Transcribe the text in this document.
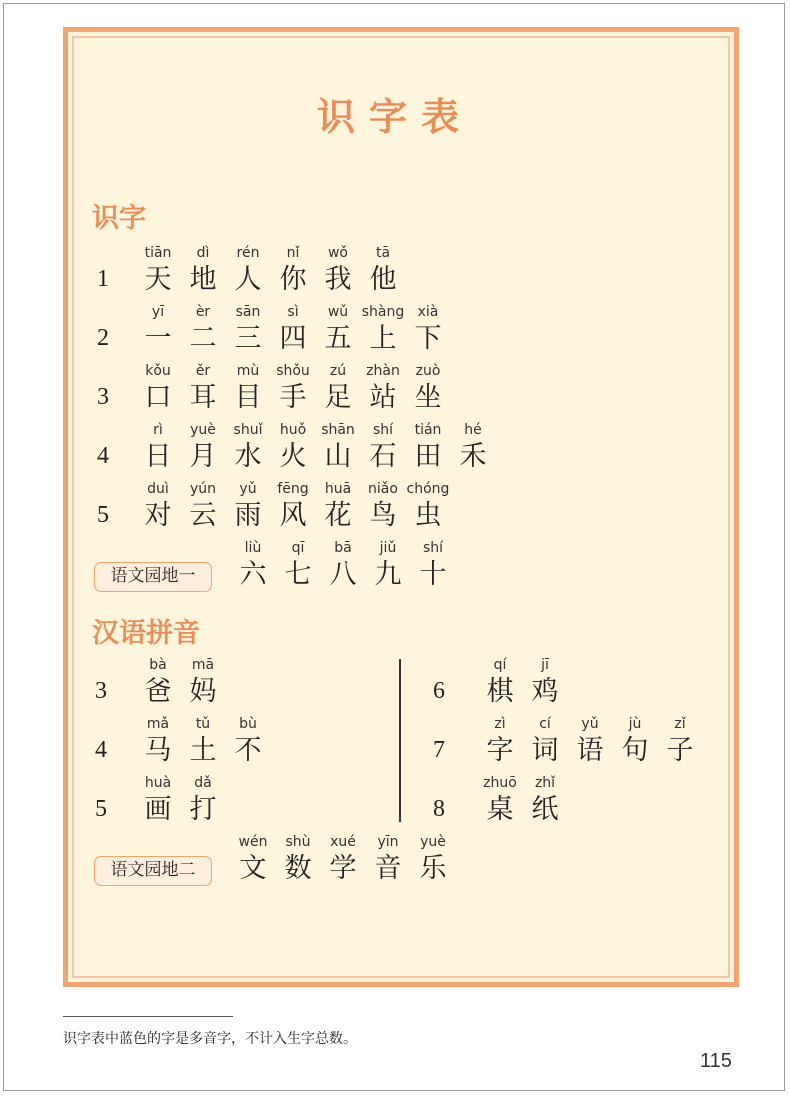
识字表
识字
1
tiān
天
dì
地
rén
人
nǐ
你
wǒ
我
tā
他
2
yī
一
èr
二
sān
三
sì
四
wǔ
五
shàng
上
xià
下
3
kǒu
口
ěr
耳
mù
目
shǒu
手
zú
足
zhàn
站
zuò
坐
4
rì
日
yuè
月
shuǐ
水
huǒ
火
shān
山
shí
石
tián
田
hé
禾
5
duì
对
yún
云
yǔ
雨
fēng
风
huā
花
niǎo
鸟
chóng
虫
语文园地一
liù
六
qī
七
bā
八
jiǔ
九
shí
十
汉语拼音
3
bà
爸
mā
妈
4
mǎ
马
tǔ
土
bù
不
5
huà
画
dǎ
打
6
qí
棋
jī
鸡
7
zì
字
cí
词
yǔ
语
jù
句
zǐ
子
8
zhuō
桌
zhǐ
纸
语文园地二
wén
文
shù
数
xué
学
yīn
音
yuè
乐
识字表中蓝色的字是多音字，不计入生字总数。
115
